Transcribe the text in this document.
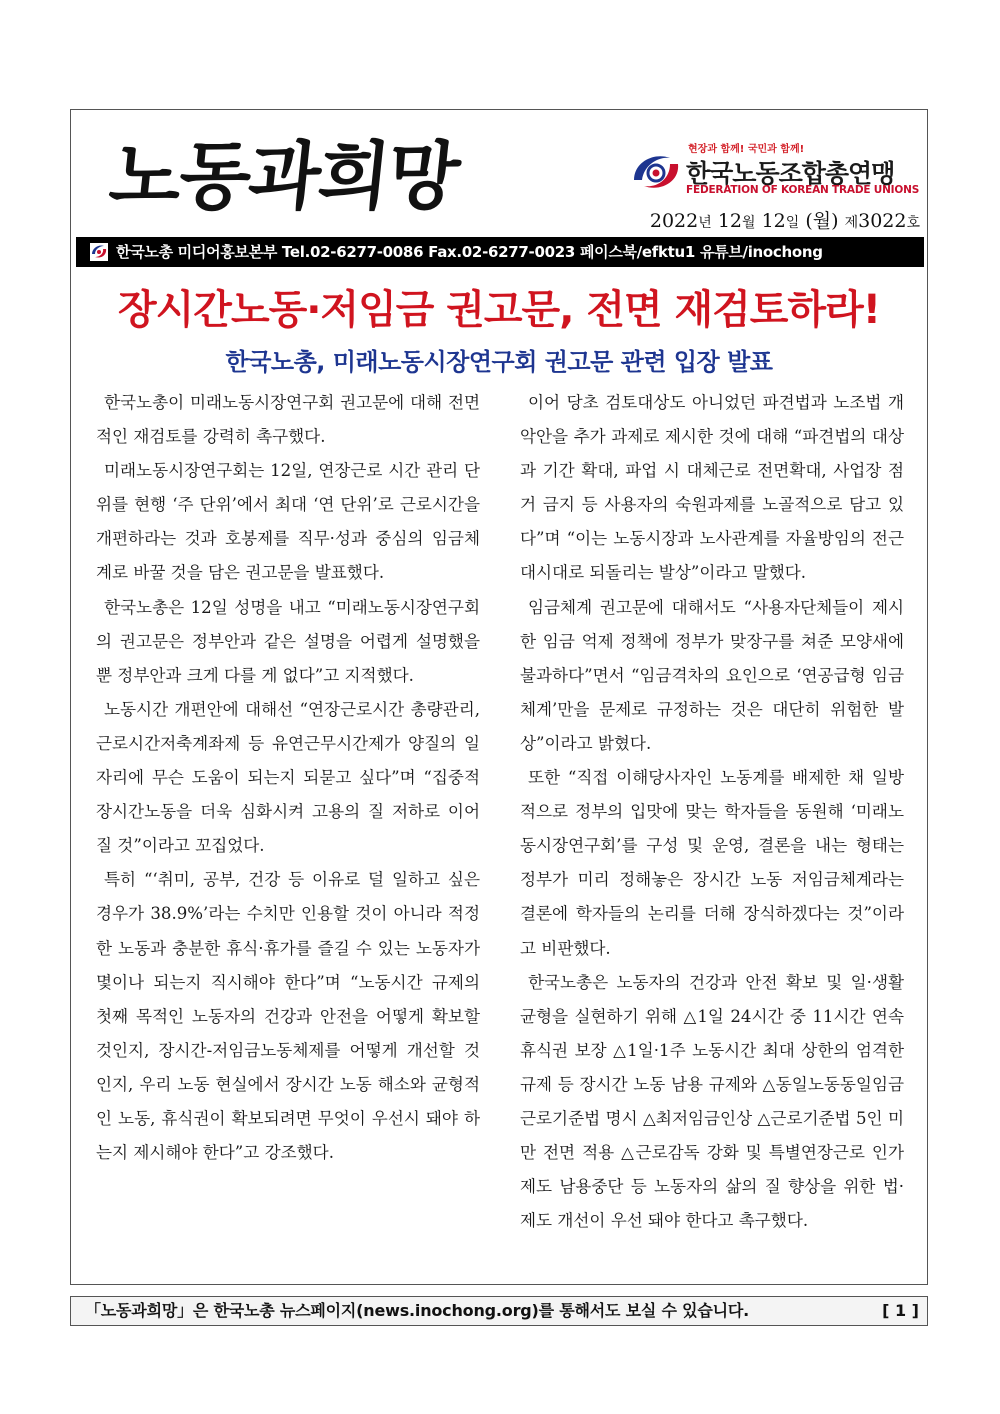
노동과희망	현장과 함께! 국민과 함께!
한국노동조합총연맹
FEDERATION OF KOREAN TRADE UNIONS
2022년 12월 12일 (월) 제3022호
한국노총 미디어홍보본부 Tel.02-6277-0086 Fax.02-6277-0023 페이스북/efktu1 유튜브/inochong
장시간노동·저임금 권고문, 전면 재검토하라!
한국노총, 미래노동시장연구회 권고문 관련 입장 발표

한국노총이 미래노동시장연구회 권고문에 대해 전면적인 재검토를 강력히 촉구했다.

미래노동시장연구회는 12일, 연장근로 시간 관리 단위를 현행 ‘주 단위’에서 최대 ‘연 단위’로 근로시간을 개편하라는 것과 호봉제를 직무·성과 중심의 임금체계로 바꿀 것을 담은 권고문을 발표했다.

한국노총은 12일 성명을 내고 “미래노동시장연구회의 권고문은 정부안과 같은 설명을 어렵게 설명했을 뿐 정부안과 크게 다를 게 없다”고 지적했다.

노동시간 개편안에 대해선 “연장근로시간 총량관리, 근로시간저축계좌제 등 유연근무시간제가 양질의 일자리에 무슨 도움이 되는지 되묻고 싶다”며 “집중적 장시간노동을 더욱 심화시켜 고용의 질 저하로 이어질 것”이라고 꼬집었다.

특히 “‘취미, 공부, 건강 등 이유로 덜 일하고 싶은 경우가 38.9%’라는 수치만 인용할 것이 아니라 적정한 노동과 충분한 휴식·휴가를 즐길 수 있는 노동자가 몇이나 되는지 직시해야 한다”며 “노동시간 규제의 첫째 목적인 노동자의 건강과 안전을 어떻게 확보할 것인지, 장시간-저임금노동체제를 어떻게 개선할 것인지, 우리 노동 현실에서 장시간 노동 해소와 균형적인 노동, 휴식권이 확보되려면 무엇이 우선시 돼야 하는지 제시해야 한다”고 강조했다.

이어 당초 검토대상도 아니었던 파견법과 노조법 개악안을 추가 과제로 제시한 것에 대해 “파견법의 대상과 기간 확대, 파업 시 대체근로 전면확대, 사업장 점거 금지 등 사용자의 숙원과제를 노골적으로 담고 있다”며 “이는 노동시장과 노사관계를 자율방임의 전근대시대로 되돌리는 발상”이라고 말했다.

임금체계 권고문에 대해서도 “사용자단체들이 제시한 임금 억제 정책에 정부가 맞장구를 쳐준 모양새에 불과하다”면서 “임금격차의 요인으로 ‘연공급형 임금체계’만을 문제로 규정하는 것은 대단히 위험한 발상”이라고 밝혔다.

또한 “직접 이해당사자인 노동계를 배제한 채 일방적으로 정부의 입맛에 맞는 학자들을 동원해 ‘미래노동시장연구회’를 구성 및 운영, 결론을 내는 형태는 정부가 미리 정해놓은 장시간 노동 저임금체계라는 결론에 학자들의 논리를 더해 장식하겠다는 것”이라고 비판했다.

한국노총은 노동자의 건강과 안전 확보 및 일·생활 균형을 실현하기 위해 △1일 24시간 중 11시간 연속휴식권 보장 △1일·1주 노동시간 최대 상한의 엄격한 규제 등 장시간 노동 남용 규제와 △동일노동동일임금 근로기준법 명시 △최저임금인상 △근로기준법 5인 미만 전면 적용 △근로감독 강화 및 특별연장근로 인가제도 남용중단 등 노동자의 삶의 질 향상을 위한 법·제도 개선이 우선 돼야 한다고 촉구했다.

「노동과희망」은 한국노총 뉴스페이지(news.inochong.org)를 통해서도 보실 수 있습니다.	[ 1 ]
